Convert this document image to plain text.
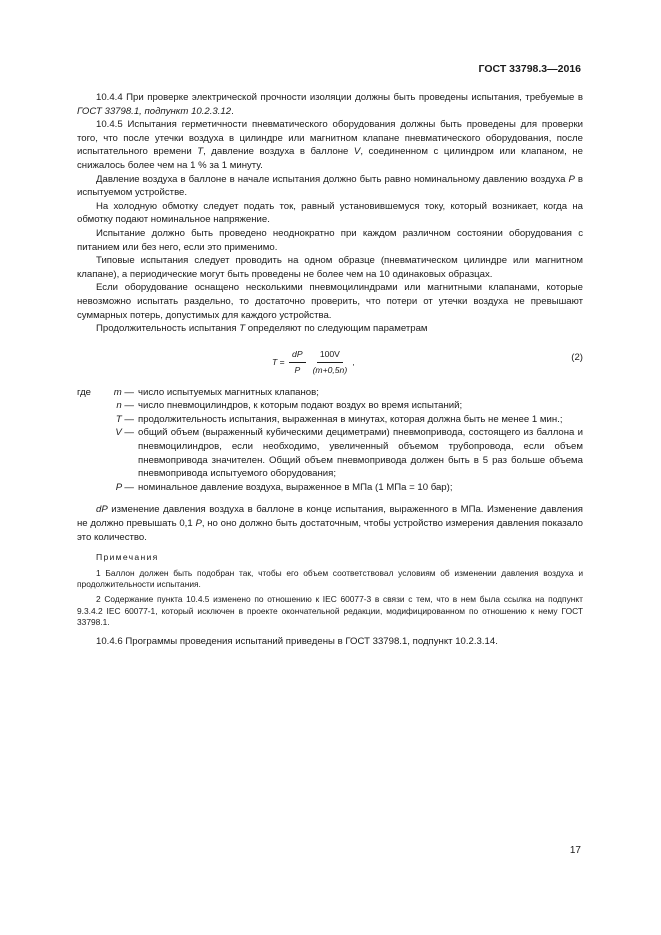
ГОСТ 33798.3—2016

10.4.4 При проверке электрической прочности изоляции должны быть проведены испытания, требуемые в ГОСТ 33798.1, подпункт 10.2.3.12.

10.4.5 Испытания герметичности пневматического оборудования должны быть проведены для проверки того, что после утечки воздуха в цилиндре или магнитном клапане пневматического оборудования, после испытательного времени T, давление воздуха в баллоне V, соединенном с цилиндром или клапаном, не снижалось более чем на 1 % за 1 минуту.

Давление воздуха в баллоне в начале испытания должно быть равно номинальному давлению воздуха P в испытуемом устройстве.

На холодную обмотку следует подать ток, равный установившемуся току, который возникает, когда на обмотку подают номинальное напряжение.

Испытание должно быть проведено неоднократно при каждом различном состоянии оборудования с питанием или без него, если это применимо.

Типовые испытания следует проводить на одном образце (пневматическом цилиндре или магнитном клапане), а периодические могут быть проведены не более чем на 10 одинаковых образцах.

Если оборудование оснащено несколькими пневмоцилиндрами или магнитными клапанами, которые невозможно испытать раздельно, то достаточно проверить, что потери от утечки воздуха не превышают суммарных потерь, допустимых для каждого устройства.

Продолжительность испытания T определяют по следующим параметрам

$T = \frac{dP}{P} \frac{100V}{(m+0,5n)}$ ,	(2)
где	m — число испытуемых магнитных клапанов;
n — число пневмоцилиндров, к которым подают воздух во время испытаний;
T — продолжительность испытания, выраженная в минутах, которая должна быть не менее 1 мин.;
V — общий объем (выраженный кубическими дециметрами) пневмопривода, состоящего из баллона и пневмоцилиндров, если необходимо, увеличенный объемом трубопровода, если объем пневмопривода значителен. Общий объем пневмопривода должен быть в 5 раз больше объема пневмопривода испытуемого оборудования;
P — номинальное давление воздуха, выраженное в МПа (1 МПа = 10 бар);

dP изменение давления воздуха в баллоне в конце испытания, выраженного в МПа. Изменение давления не должно превышать 0,1 P, но оно должно быть достаточным, чтобы устройство измерения давления показало это количество.

Примечания
1 Баллон должен быть подобран так, чтобы его объем соответствовал условиям об изменении давления воздуха и продолжительности испытания.
2 Содержание пункта 10.4.5 изменено по отношению к IEC 60077-3 в связи с тем, что в нем была ссылка на подпункт 9.3.4.2 IEC 60077-1, который исключен в проекте окончательной редакции, модифицированном по отношению к нему ГОСТ 33798.1.

10.4.6 Программы проведения испытаний приведены в ГОСТ 33798.1, подпункт 10.2.3.14.

17
